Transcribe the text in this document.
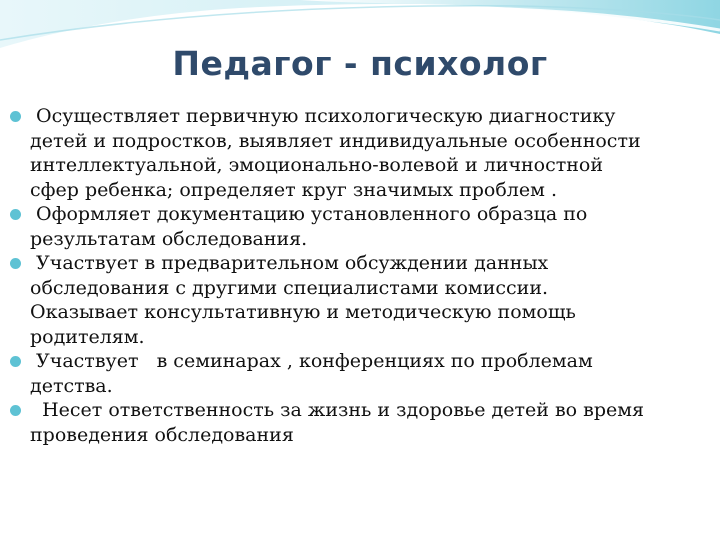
Педагог - психолог
Осуществляет первичную психологическую диагностику
детей и подростков, выявляет индивидуальные особенности
интеллектуальной, эмоционально-волевой и личностной
сфер ребенка; определяет круг значимых проблем .
Оформляет документацию установленного образца по
результатам обследования.
Участвует в предварительном обсуждении данных
обследования с другими специалистами комиссии.
Оказывает консультативную и методическую помощь
родителям.
Участвует   в семинарах , конференциях по проблемам
детства.
Несет ответственность за жизнь и здоровье детей во время
проведения обследования
